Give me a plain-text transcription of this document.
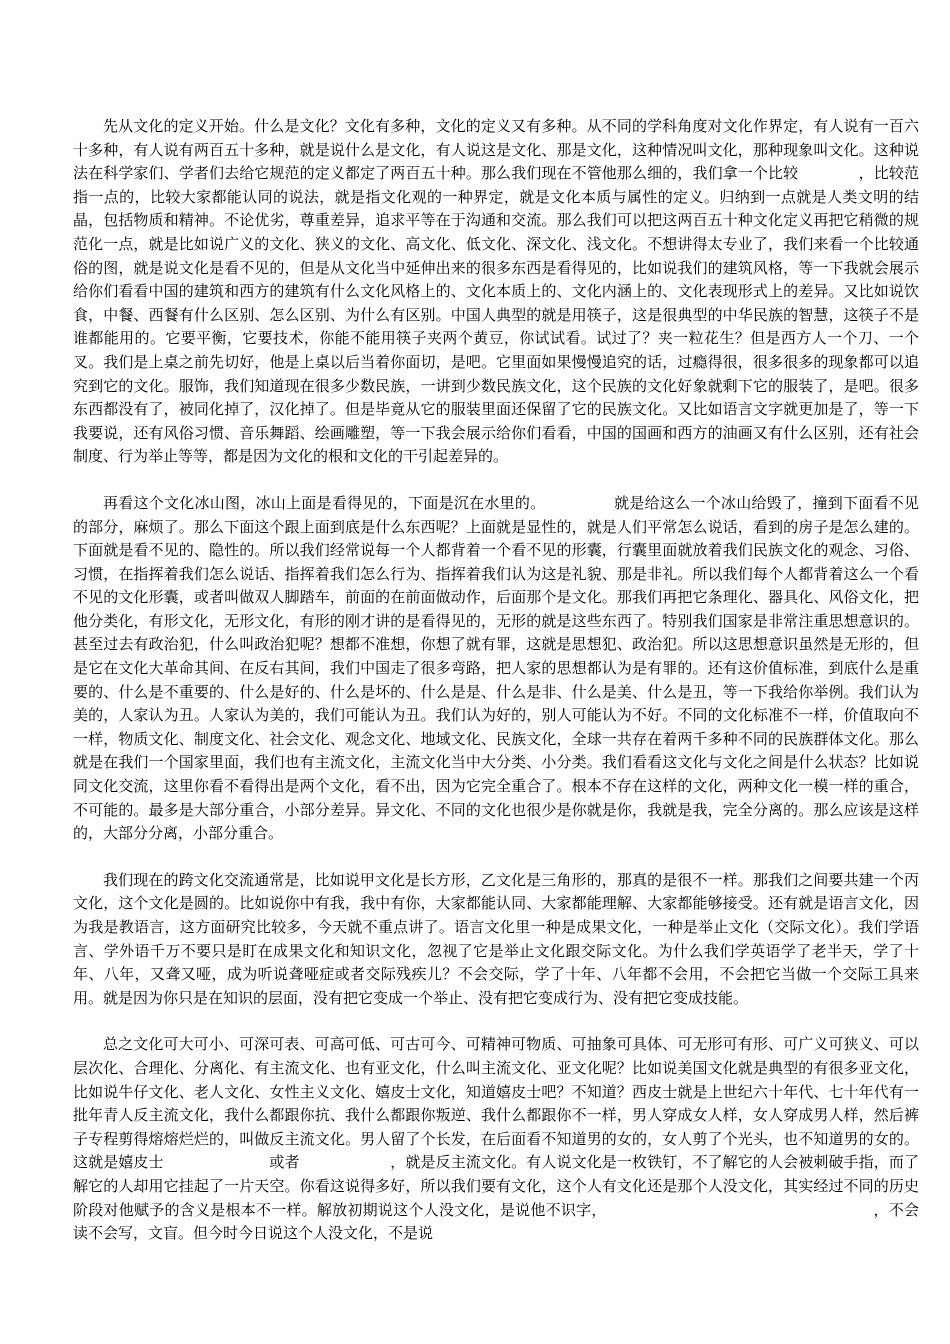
先从文化的定义开始。什么是文化？文化有多种，文化的定义又有多种。从不同的学科角度对文化作界定，有人说有一百六十多种，有人说有两百五十多种，就是说什么是文化，有人说这是文化、那是文化，这种情况叫文化，那种现象叫文化。这种说法在科学家们、学者们去给它规范的定义都定了两百五十种。那么我们现在不管他那么细的，我们拿一个比较　　　　，比较范指一点的，比较大家都能认同的说法，就是指文化观的一种界定，就是文化本质与属性的定义。归纳到一点就是人类文明的结晶，包括物质和精神。不论优劣，尊重差异，追求平等在于沟通和交流。那么我们可以把这两百五十种文化定义再把它稍微的规范化一点，就是比如说广义的文化、狭义的文化、高文化、低文化、深文化、浅文化。不想讲得太专业了，我们来看一个比较通俗的图，就是说文化是看不见的，但是从文化当中延伸出来的很多东西是看得见的，比如说我们的建筑风格，等一下我就会展示给你们看看中国的建筑和西方的建筑有什么文化风格上的、文化本质上的、文化内涵上的、文化表现形式上的差异。又比如说饮食，中餐、西餐有什么区别、怎么区别、为什么有区别。中国人典型的就是用筷子，这是很典型的中华民族的智慧，这筷子不是谁都能用的。它要平衡，它要技术，你能不能用筷子夹两个黄豆，你试试看。试过了？夹一粒花生？但是西方人一个刀、一个叉。我们是上桌之前先切好，他是上桌以后当着你面切，是吧。它里面如果慢慢追究的话，过瘾得很，很多很多的现象都可以追究到它的文化。服饰，我们知道现在很多少数民族，一讲到少数民族文化，这个民族的文化好象就剩下它的服装了，是吧。很多东西都没有了，被同化掉了，汉化掉了。但是毕竟从它的服装里面还保留了它的民族文化。又比如语言文字就更加是了，等一下我要说，还有风俗习惯、音乐舞蹈、绘画雕塑，等一下我会展示给你们看看，中国的国画和西方的油画又有什么区别，还有社会制度、行为举止等等，都是因为文化的根和文化的干引起差异的。

再看这个文化冰山图，冰山上面是看得见的，下面是沉在水里的。　　　　　就是给这么一个冰山给毁了，撞到下面看不见的部分，麻烦了。那么下面这个跟上面到底是什么东西呢？上面就是显性的，就是人们平常怎么说话，看到的房子是怎么建的。下面就是看不见的、隐性的。所以我们经常说每一个人都背着一个看不见的形囊，行囊里面就放着我们民族文化的观念、习俗、习惯，在指挥着我们怎么说话、指挥着我们怎么行为、指挥着我们认为这是礼貌、那是非礼。所以我们每个人都背着这么一个看不见的文化形囊，或者叫做双人脚踏车，前面的在前面做动作，后面那个是文化。那我们再把它条理化、器具化、风俗文化，把他分类化，有形文化，无形文化，有形的刚才讲的是看得见的，无形的就是这些东西了。特别我们国家是非常注重思想意识的。甚至过去有政治犯，什么叫政治犯呢？想都不准想，你想了就有罪，这就是思想犯、政治犯。所以这思想意识虽然是无形的，但是它在文化大革命其间、在反右其间，我们中国走了很多弯路，把人家的思想都认为是有罪的。还有这价值标准，到底什么是重要的、什么是不重要的、什么是好的、什么是坏的、什么是是、什么是非、什么是美、什么是丑，等一下我给你举例。我们认为美的，人家认为丑。人家认为美的，我们可能认为丑。我们认为好的，别人可能认为不好。不同的文化标准不一样，价值取向不一样，物质文化、制度文化、社会文化、观念文化、地域文化、民族文化，全球一共存在着两千多种不同的民族群体文化。那么就是在我们一个国家里面，我们也有主流文化，主流文化当中大分类、小分类。我们看看这文化与文化之间是什么状态？比如说同文化交流，这里你看不看得出是两个文化，看不出，因为它完全重合了。根本不存在这样的文化，两种文化一模一样的重合，不可能的。最多是大部分重合，小部分差异。异文化、不同的文化也很少是你就是你，我就是我，完全分离的。那么应该是这样的，大部分分离，小部分重合。

我们现在的跨文化交流通常是，比如说甲文化是长方形，乙文化是三角形的，那真的是很不一样。那我们之间要共建一个丙文化，这个文化是圆的。比如说你中有我，我中有你，大家都能认同、大家都能理解、大家都能够接受。还有就是语言文化，因为我是教语言，这方面研究比较多，今天就不重点讲了。语言文化里一种是成果文化，一种是举止文化（交际文化）。我们学语言、学外语千万不要只是盯在成果文化和知识文化，忽视了它是举止文化跟交际文化。为什么我们学英语学了老半天，学了十年、八年，又聋又哑，成为听说聋哑症或者交际残疾儿？不会交际，学了十年、八年都不会用，不会把它当做一个交际工具来用。就是因为你只是在知识的层面，没有把它变成一个举止、没有把它变成行为、没有把它变成技能。

总之文化可大可小、可深可表、可高可低、可古可今、可精神可物质、可抽象可具体、可无形可有形、可广义可狭义、可以层次化、合理化、分离化、有主流文化、也有亚文化，什么叫主流文化、亚文化呢？比如说美国文化就是典型的有很多亚文化，比如说牛仔文化、老人文化、女性主义文化、嬉皮士文化，知道嬉皮士吧？不知道？西皮士就是上世纪六十年代、七十年代有一批年青人反主流文化，我什么都跟你抗、我什么都跟你叛逆、我什么都跟你不一样，男人穿成女人样，女人穿成男人样，然后裤子专程剪得熔熔烂烂的，叫做反主流文化。男人留了个长发，在后面看不知道男的女的，女人剪了个光头，也不知道男的女的。这就是嬉皮士　　　　　　　或者　　　　　　，就是反主流文化。有人说文化是一枚铁钉，不了解它的人会被刺破手指，而了解它的人却用它挂起了一片天空。你看这说得多好，所以我们要有文化，这个人有文化还是那个人没文化，其实经过不同的历史阶段对他赋予的含义是根本不一样。解放初期说这个人没文化，是说他不识字，　　　　　　　　　　　　　　　　　　，不会读不会写，文盲。但今时今日说这个人没文化，不是说
